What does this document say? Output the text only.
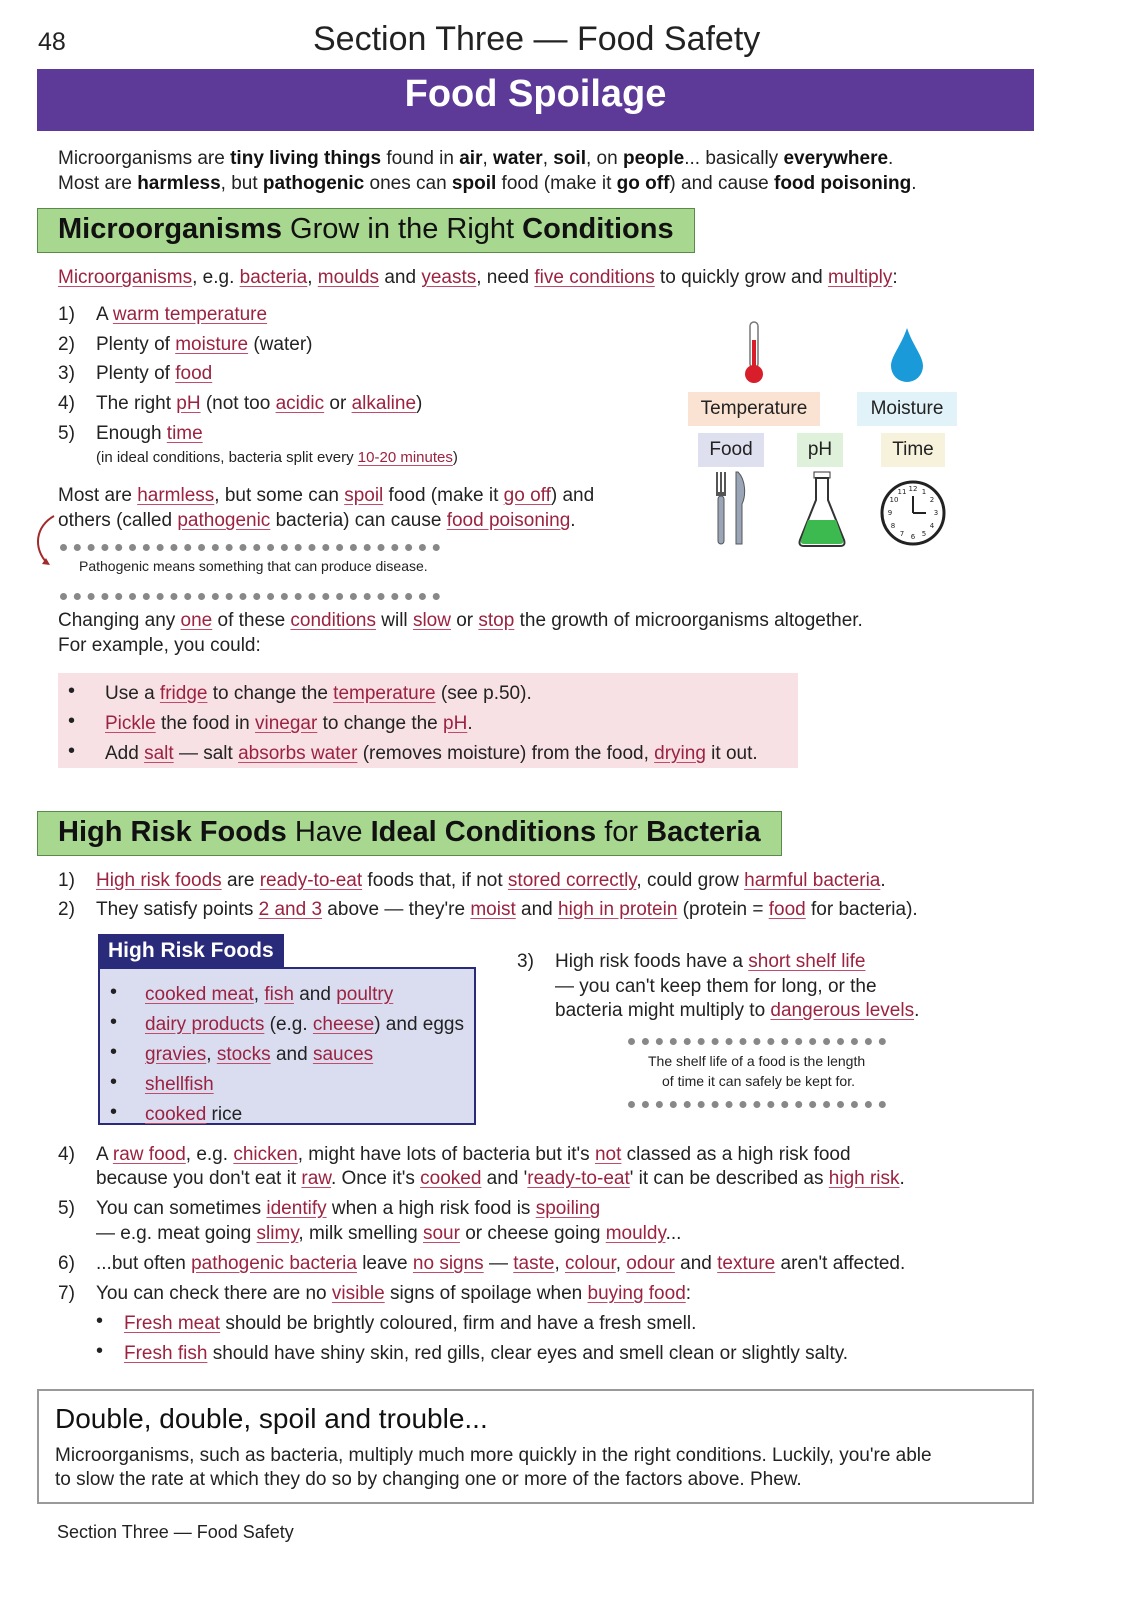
48	Section Three — Food Safety
Food Spoilage
Microorganisms are tiny living things found in air, water, soil, on people... basically everywhere.
Most are harmless, but pathogenic ones can spoil food (make it go off) and cause food poisoning.
Microorganisms Grow in the Right Conditions
Microorganisms, e.g. bacteria, moulds and yeasts, need five conditions to quickly grow and multiply:
1) A warm temperature
2) Plenty of moisture (water)
3) Plenty of food
4) The right pH (not too acidic or alkaline)
5) Enough time
(in ideal conditions, bacteria split every 10-20 minutes)
Most are harmless, but some can spoil food (make it go off) and
others (called pathogenic bacteria) can cause food poisoning.
Pathogenic means something that can produce disease.
Temperature	Moisture
Food	pH	Time
12 1
2
3
4
5
6
7
8
9
10
11
Changing any one of these conditions will slow or stop the growth of microorganisms altogether.
For example, you could:
• Use a fridge to change the temperature (see p.50).
• Pickle the food in vinegar to change the pH.
• Add salt — salt absorbs water (removes moisture) from the food, drying it out.
High Risk Foods Have Ideal Conditions for Bacteria
1) High risk foods are ready-to-eat foods that, if not stored correctly, could grow harmful bacteria.
2) They satisfy points 2 and 3 above — they're moist and high in protein (protein = food for bacteria).
High Risk Foods
• cooked meat, fish and poultry
• dairy products (e.g. cheese) and eggs
• gravies, stocks and sauces
• shellfish
• cooked rice
3) High risk foods have a short shelf life
— you can't keep them for long, or the
bacteria might multiply to dangerous levels.
The shelf life of a food is the length
of time it can safely be kept for.
4) A raw food, e.g. chicken, might have lots of bacteria but it's not classed as a high risk food
because you don't eat it raw. Once it's cooked and 'ready-to-eat' it can be described as high risk.
5) You can sometimes identify when a high risk food is spoiling
— e.g. meat going slimy, milk smelling sour or cheese going mouldy...
6) ...but often pathogenic bacteria leave no signs — taste, colour, odour and texture aren't affected.
7) You can check there are no visible signs of spoilage when buying food:
• Fresh meat should be brightly coloured, firm and have a fresh smell.
• Fresh fish should have shiny skin, red gills, clear eyes and smell clean or slightly salty.
Double, double, spoil and trouble...
Microorganisms, such as bacteria, multiply much more quickly in the right conditions. Luckily, you're able
to slow the rate at which they do so by changing one or more of the factors above. Phew.
Section Three — Food Safety
